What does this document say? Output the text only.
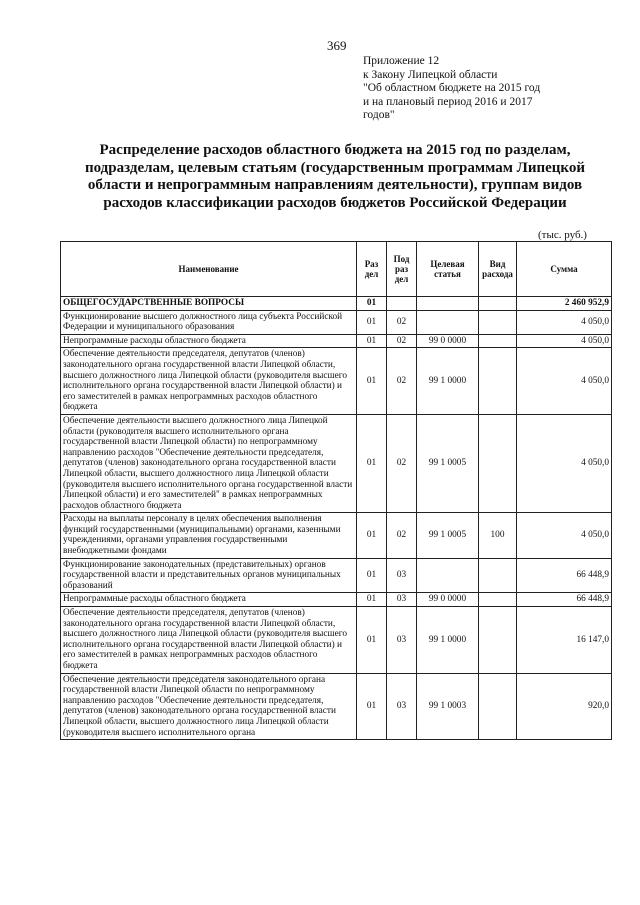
369
Приложение 12
к Закону Липецкой области
"Об областном бюджете на 2015 год
и на плановый период 2016 и 2017
годов"
Распределение расходов областного бюджета на 2015 год по разделам, подразделам, целевым статьям (государственным программам Липецкой области и непрограммным направлениям деятельности), группам видов расходов классификации расходов бюджетов Российской Федерации
(тыс. руб.)
Наименование	Раз дел	Под раз дел	Целевая статья	Вид расхода	Сумма
ОБЩЕГОСУДАРСТВЕННЫЕ ВОПРОСЫ	01				2 460 952,9
Функционирование высшего должностного лица субъекта Российской Федерации и муниципального образования	01	02			4 050,0
Непрограммные расходы областного бюджета	01	02	99 0 0000		4 050,0
Обеспечение деятельности председателя, депутатов (членов) законодательного органа государственной власти Липецкой области, высшего должностного лица Липецкой области (руководителя высшего исполнительного органа государственной власти Липецкой области) и его заместителей в рамках непрограммных расходов областного бюджета	01	02	99 1 0000		4 050,0
Обеспечение деятельности высшего должностного лица Липецкой области (руководителя высшего исполнительного органа государственной власти Липецкой области) по непрограммному направлению расходов "Обеспечение деятельности председателя, депутатов (членов) законодательного органа государственной власти Липецкой области, высшего должностного лица Липецкой области (руководителя высшего исполнительного органа государственной власти Липецкой области) и его заместителей" в рамках непрограммных расходов областного бюджета	01	02	99 1 0005		4 050,0
Расходы на выплаты персоналу в целях обеспечения выполнения функций государственными (муниципальными) органами, казенными учреждениями, органами управления государственными внебюджетными фондами	01	02	99 1 0005	100	4 050,0
Функционирование законодательных (представительных) органов государственной власти и представительных органов муниципальных образований	01	03			66 448,9
Непрограммные расходы областного бюджета	01	03	99 0 0000		66 448,9
Обеспечение деятельности председателя, депутатов (членов) законодательного органа государственной власти Липецкой области, высшего должностного лица Липецкой области (руководителя высшего исполнительного органа государственной власти Липецкой области) и его заместителей в рамках непрограммных расходов областного бюджета	01	03	99 1 0000		16 147,0
Обеспечение деятельности председателя законодательного органа государственной власти Липецкой области по непрограммному направлению расходов "Обеспечение деятельности председателя, депутатов (членов) законодательного органа государственной власти Липецкой области, высшего должностного лица Липецкой области (руководителя высшего исполнительного органа	01	03	99 1 0003		920,0
